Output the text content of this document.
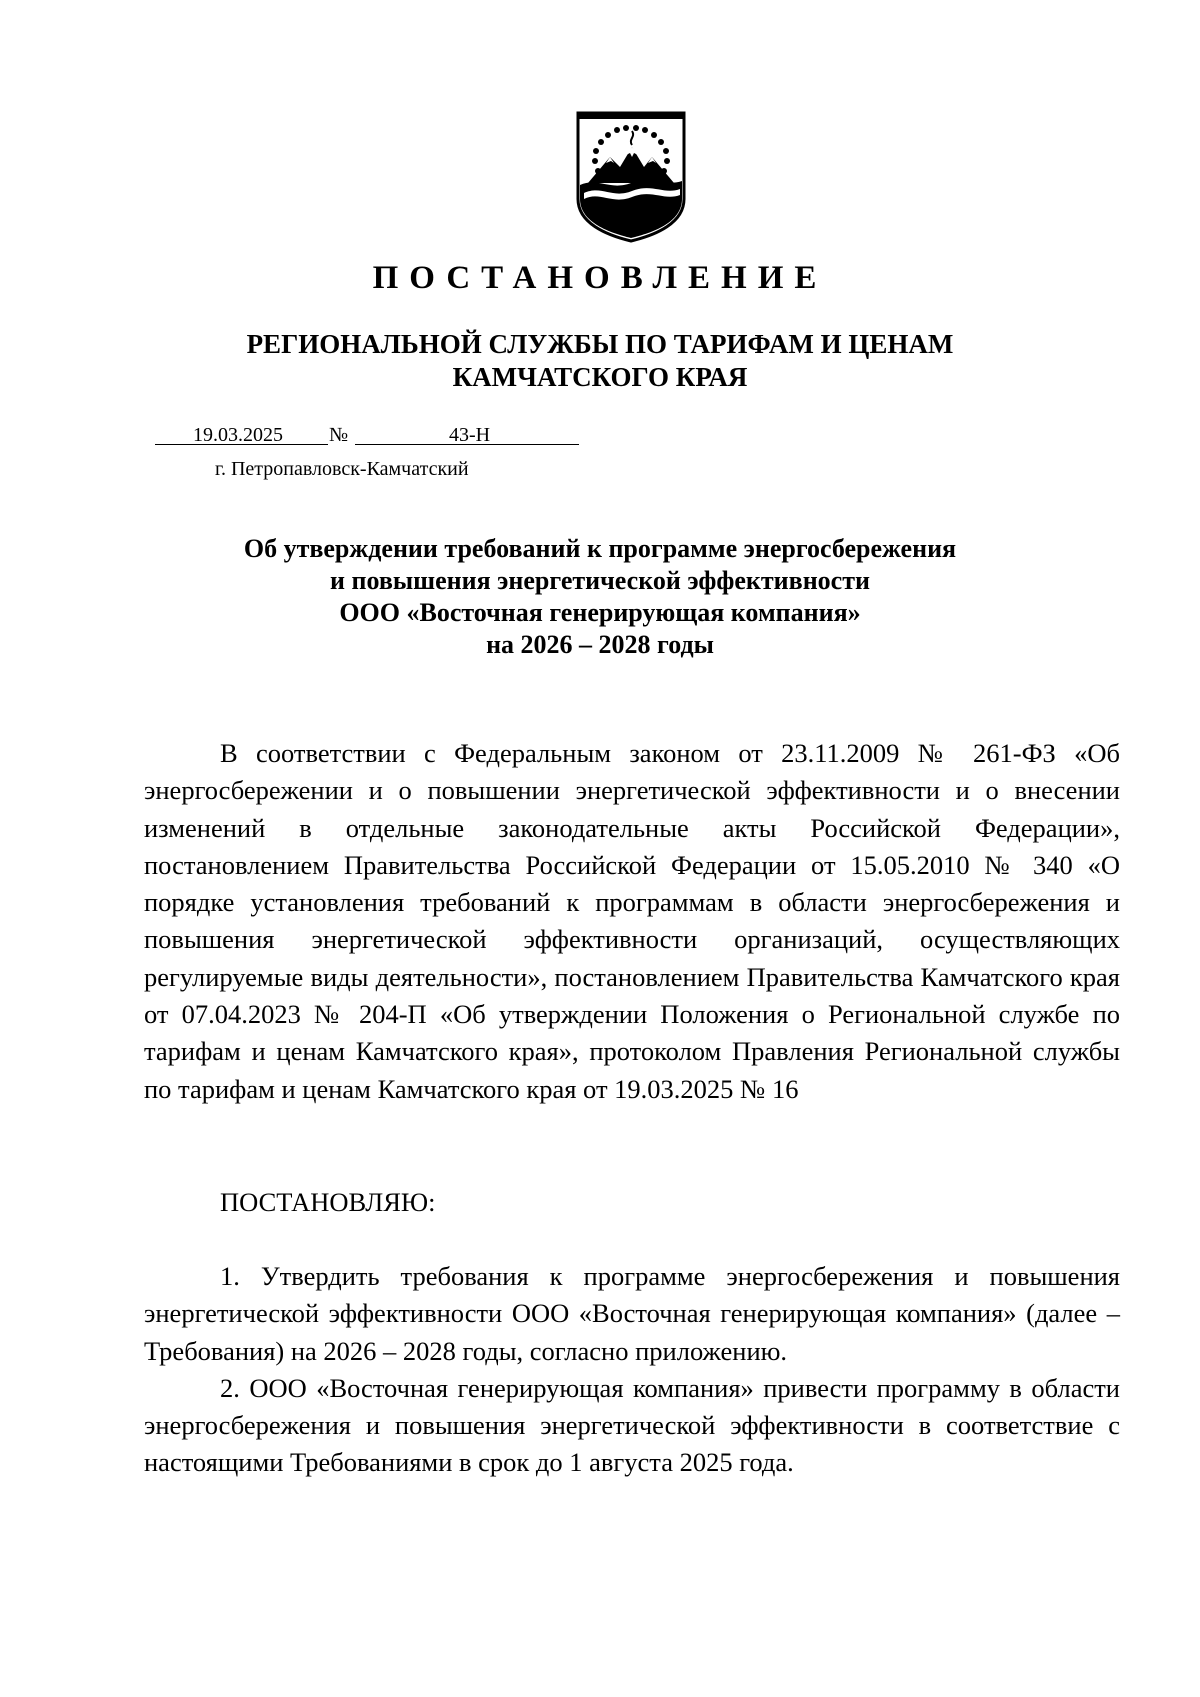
ПОСТАНОВЛЕНИЕ
РЕГИОНАЛЬНОЙ СЛУЖБЫ ПО ТАРИФАМ И ЦЕНАМ
КАМЧАТСКОГО КРАЯ
19.03.2025 №	43-Н
г. Петропавловск-Камчатский
Об утверждении требований к программе энергосбережения
и повышения энергетической эффективности
ООО «Восточная генерирующая компания»
на 2026 – 2028 годы

В соответствии с Федеральным законом от 23.11.2009 № 261-ФЗ «Об энергосбережении и о повышении энергетической эффективности и о внесении изменений в отдельные законодательные акты Российской Федерации», постановлением Правительства Российской Федерации от 15.05.2010 № 340 «О порядке установления требований к программам в области энергосбережения и повышения энергетической эффективности организаций, осуществляющих регулируемые виды деятельности», постановлением Правительства Камчатского края от 07.04.2023 № 204-П «Об утверждении Положения о Региональной службе по тарифам и ценам Камчатского края», протоколом Правления Региональной службы по тарифам и ценам Камчатского края от 19.03.2025 № 16

ПОСТАНОВЛЯЮ:

1. Утвердить требования к программе энергосбережения и повышения энергетической эффективности ООО «Восточная генерирующая компания» (далее – Требования) на 2026 – 2028 годы, согласно приложению.

2. ООО «Восточная генерирующая компания» привести программу в области энергосбережения и повышения энергетической эффективности в соответствие с настоящими Требованиями в срок до 1 августа 2025 года.
